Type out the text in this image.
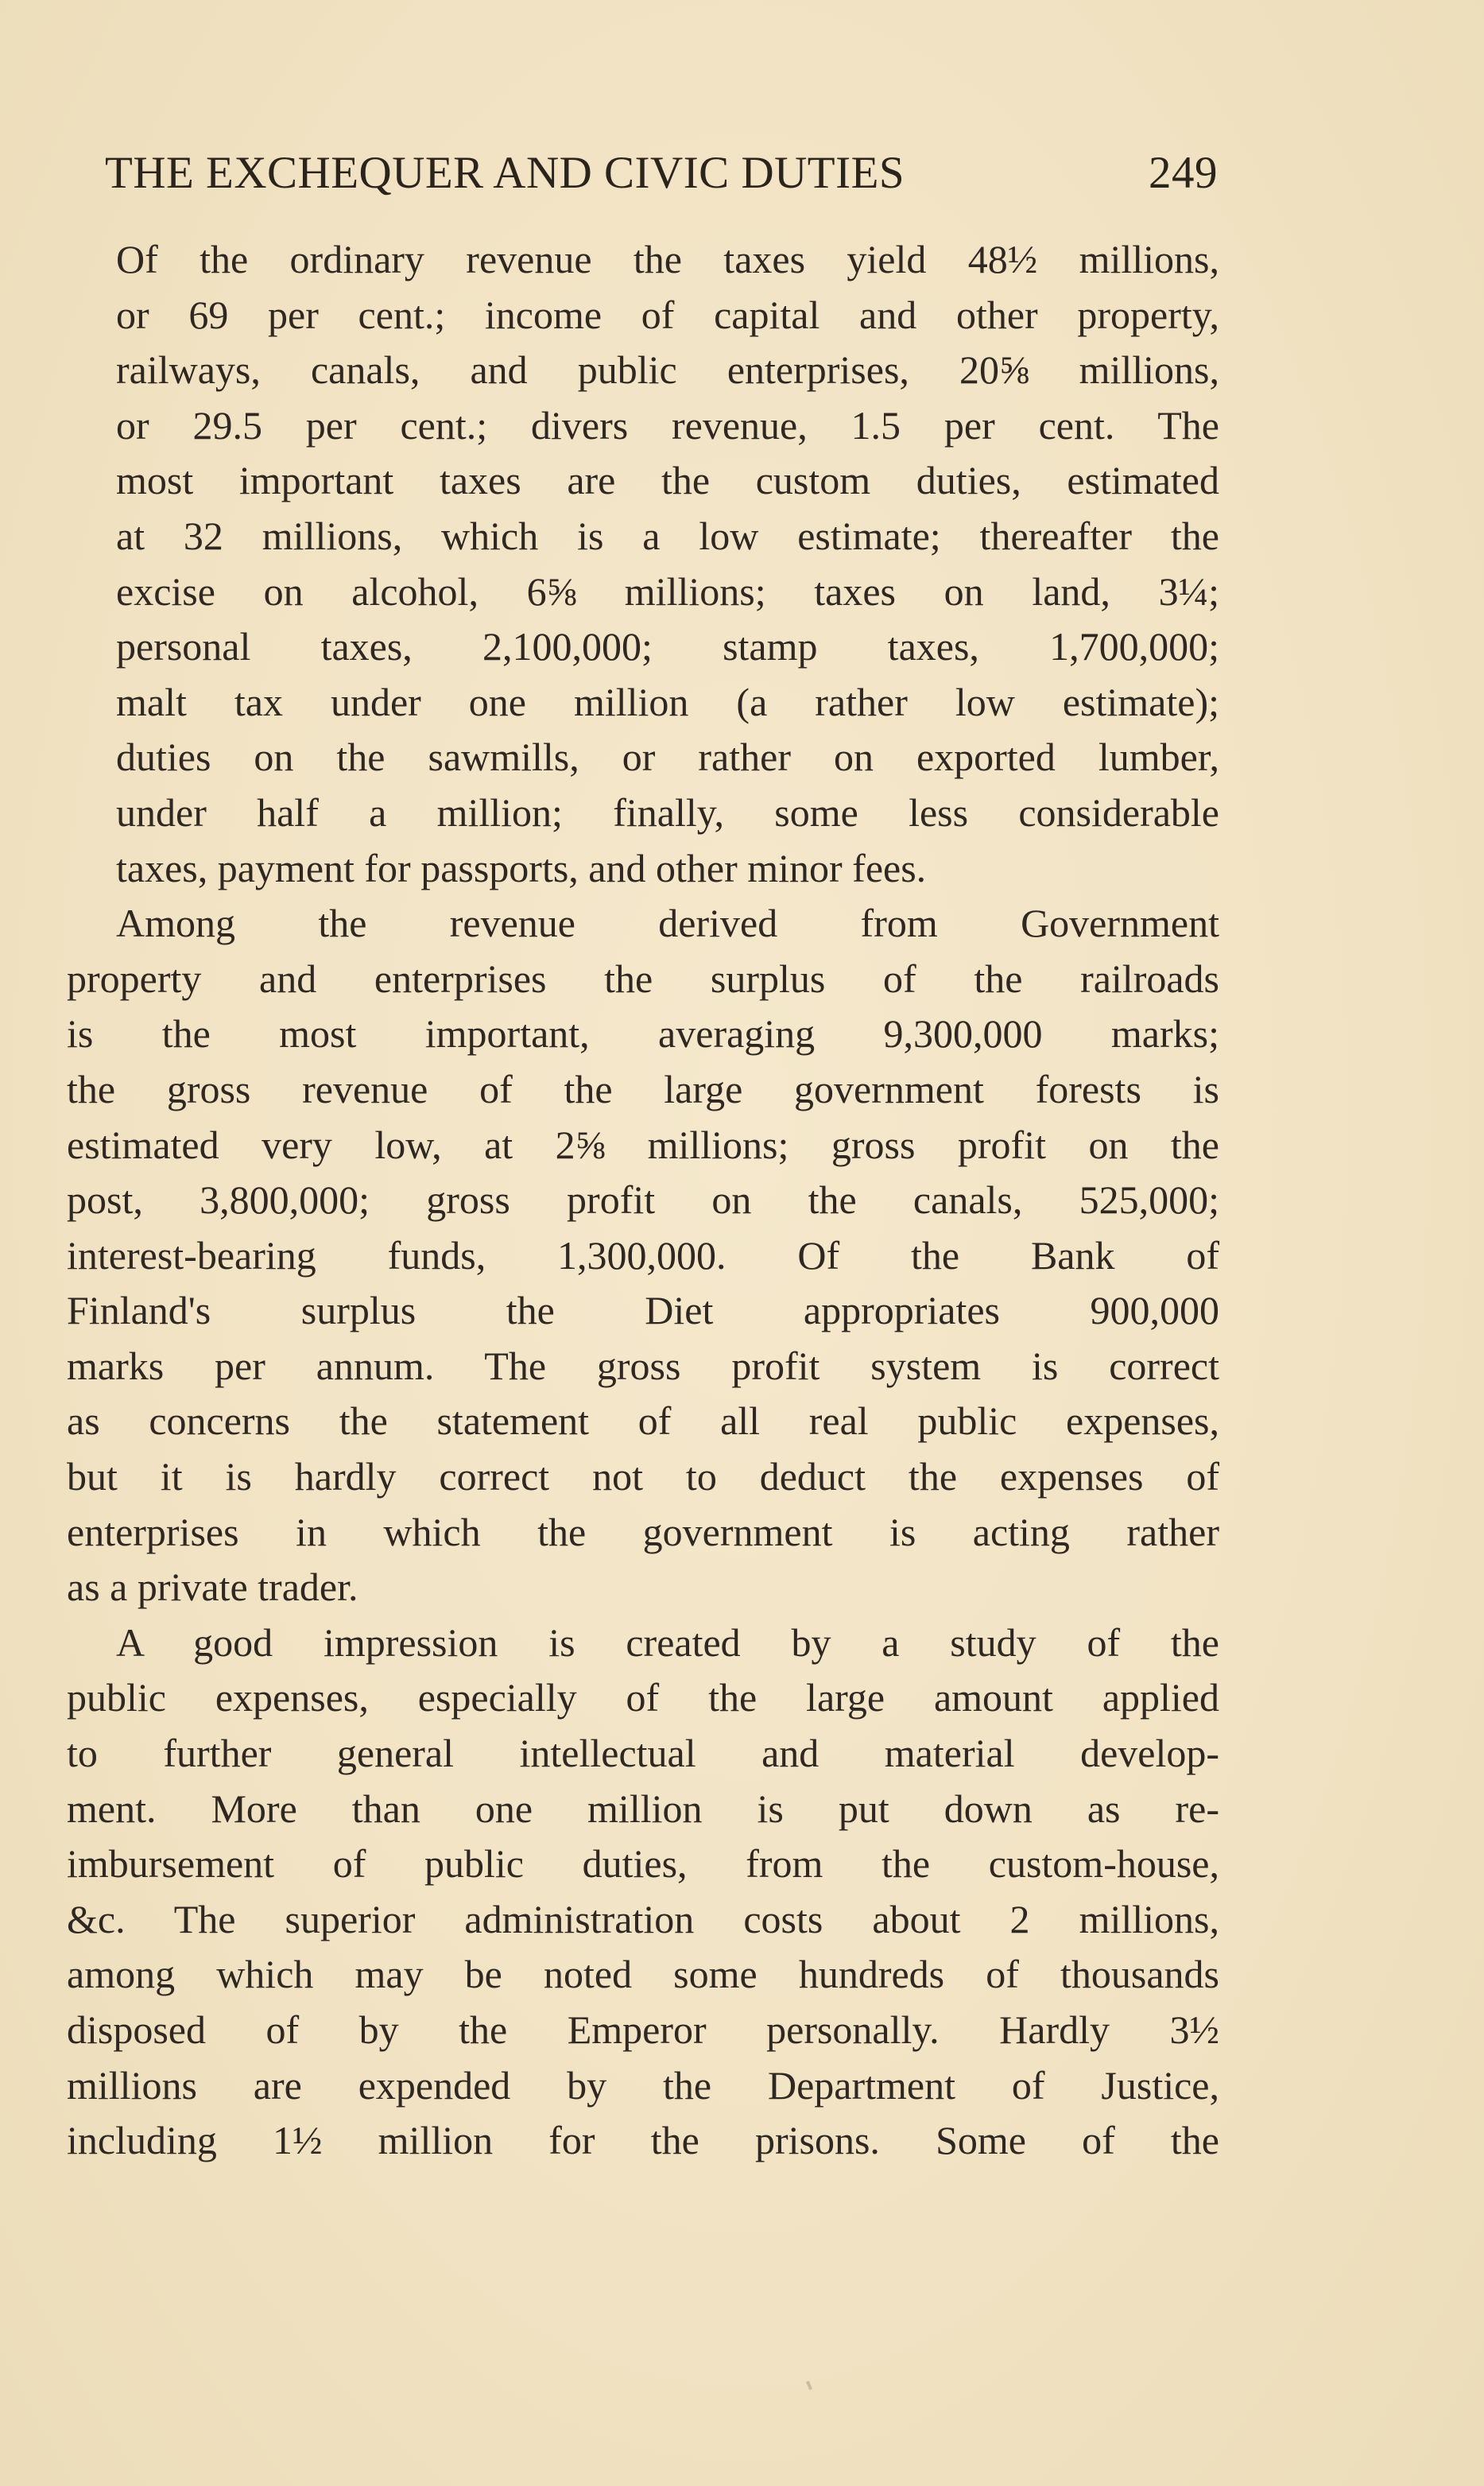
THE EXCHEQUER AND CIVIC DUTIES	249
Of the ordinary revenue the taxes yield 48½ millions,
or 69 per cent.; income of capital and other property,
railways, canals, and public enterprises, 20⅝ millions,
or 29.5 per cent.; divers revenue, 1.5 per cent. The
most important taxes are the custom duties, estimated
at 32 millions, which is a low estimate; thereafter the
excise on alcohol, 6⅝ millions; taxes on land, 3¼;
personal taxes, 2,100,000; stamp taxes, 1,700,000;
malt tax under one million (a rather low estimate);
duties on the sawmills, or rather on exported lumber,
under half a million; finally, some less considerable
taxes, payment for passports, and other minor fees.
Among the revenue derived from Government
property and enterprises the surplus of the railroads
is the most important, averaging 9,300,000 marks;
the gross revenue of the large government forests is
estimated very low, at 2⅝ millions; gross profit on the
post, 3,800,000; gross profit on the canals, 525,000;
interest-bearing funds, 1,300,000. Of the Bank of
Finland's surplus the Diet appropriates 900,000
marks per annum. The gross profit system is correct
as concerns the statement of all real public expenses,
but it is hardly correct not to deduct the expenses of
enterprises in which the government is acting rather
as a private trader.
A good impression is created by a study of the
public expenses, especially of the large amount applied
to further general intellectual and material develop-
ment. More than one million is put down as re-
imbursement of public duties, from the custom-house,
&c. The superior administration costs about 2 millions,
among which may be noted some hundreds of thousands
disposed of by the Emperor personally. Hardly 3½
millions are expended by the Department of Justice,
including 1½ million for the prisons. Some of the
